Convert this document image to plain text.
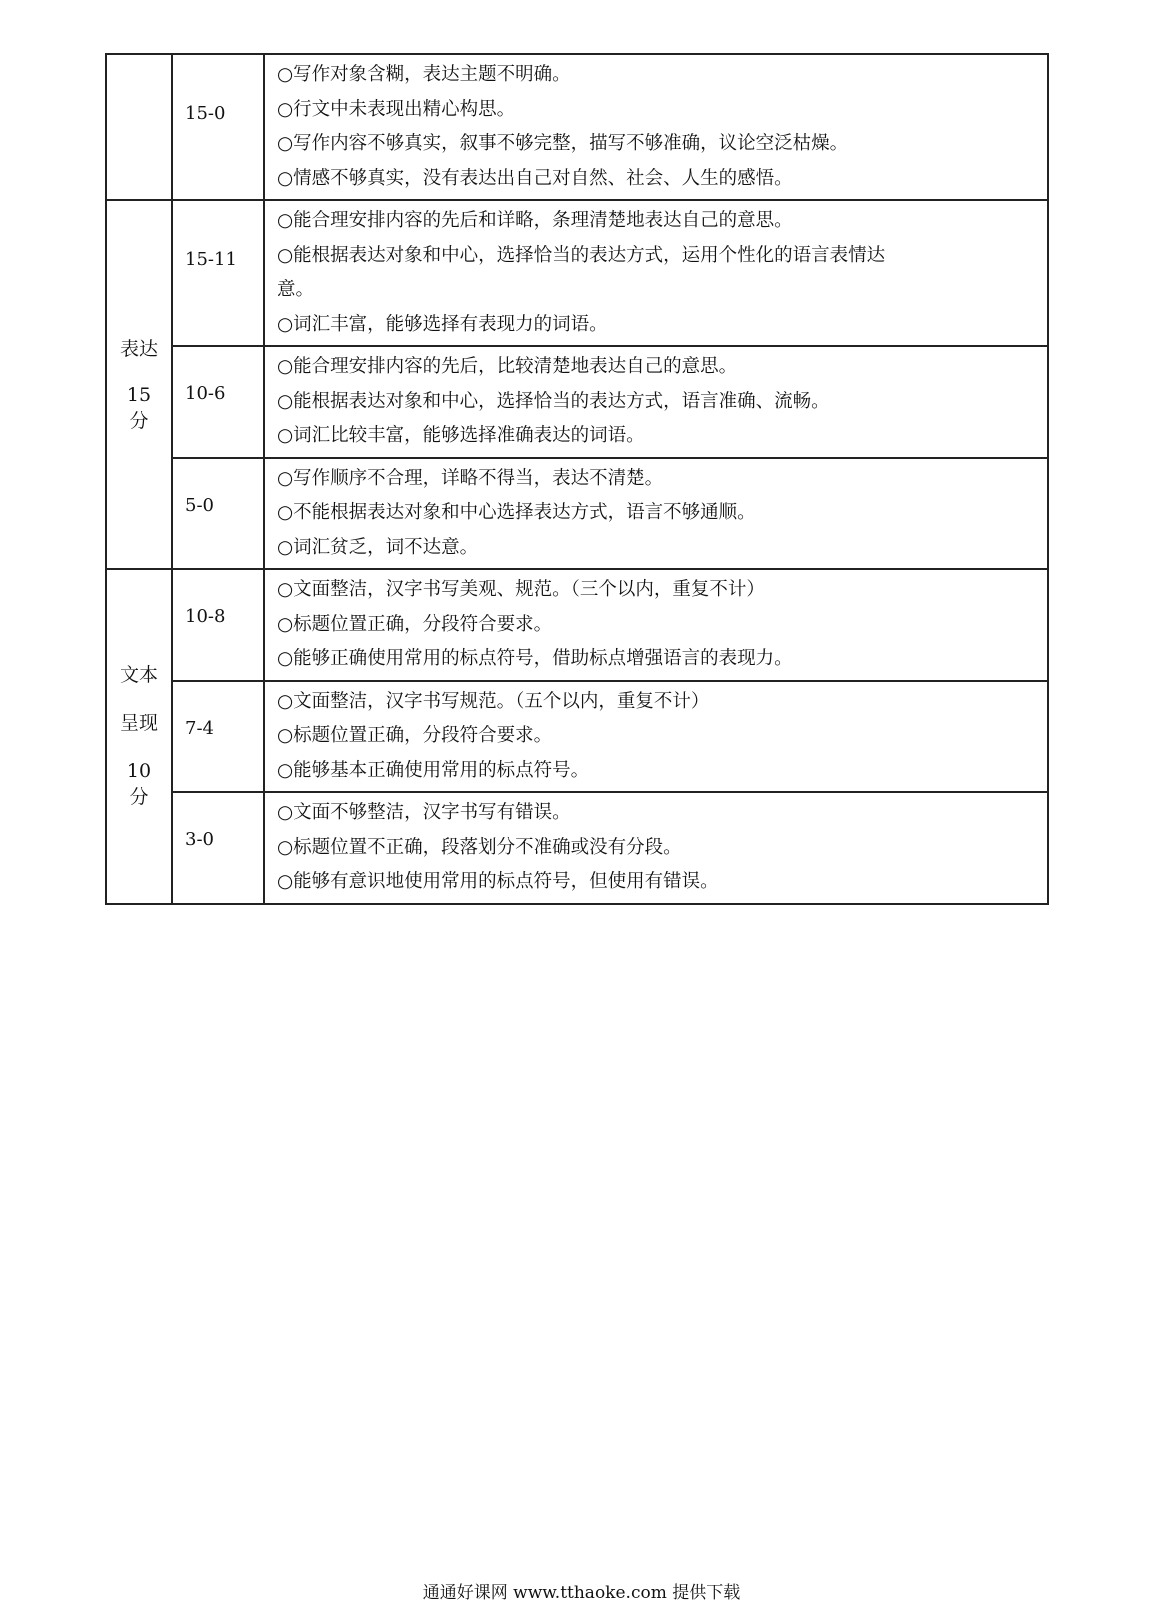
	15-0	○写作对象含糊，表达主题不明确。
○行文中未表现出精心构思。
○写作内容不够真实，叙事不够完整，描写不够准确，议论空泛枯燥。
○情感不够真实，没有表达出自己对自然、社会、人生的感悟。

表达
15
分	15-11	○能合理安排内容的先后和详略，条理清楚地表达自己的意思。
○能根据表达对象和中心，选择恰当的表达方式，运用个性化的语言表情达
意。
○词汇丰富，能够选择有表现力的词语。

	10-6	○能合理安排内容的先后，比较清楚地表达自己的意思。
○能根据表达对象和中心，选择恰当的表达方式，语言准确、流畅。
○词汇比较丰富，能够选择准确表达的词语。

	5-0	○写作顺序不合理，详略不得当，表达不清楚。
○不能根据表达对象和中心选择表达方式，语言不够通顺。
○词汇贫乏，词不达意。

文本
呈现
10
分	10-8	○文面整洁，汉字书写美观、规范。（三个以内，重复不计）
○标题位置正确，分段符合要求。
○能够正确使用常用的标点符号，借助标点增强语言的表现力。

	7-4	○文面整洁，汉字书写规范。（五个以内，重复不计）
○标题位置正确，分段符合要求。
○能够基本正确使用常用的标点符号。

	3-0	○文面不够整洁，汉字书写有错误。
○标题位置不正确，段落划分不准确或没有分段。
○能够有意识地使用常用的标点符号，但使用有错误。
通通好课网 www.tthaoke.com 提供下载
